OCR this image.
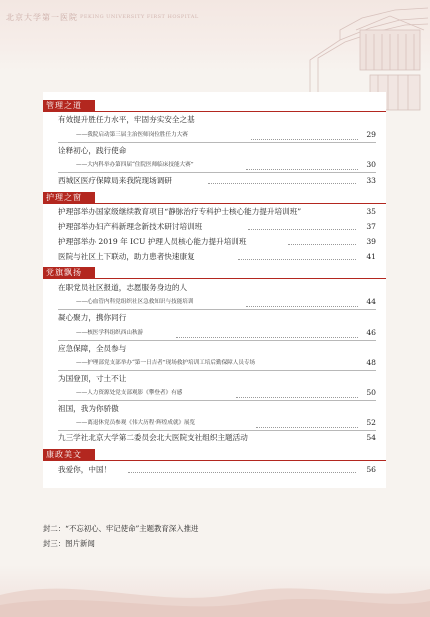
北京大学第一医院 PEKING UNIVERSITY FIRST HOSPITAL
管理之道
有效提升胜任力水平，牢固夯实安全之基
——我院启动第三届主治医师岗位胜任力大赛	29
诠释初心，践行使命
——大内科举办第四届“住院医师临床技能大赛”	30
西城区医疗保障局来我院现场调研	33
护理之窗
护理部举办国家级继续教育项目“静脉治疗专科护士核心能力提升培训班”	35
护理部举办妇产科新理念新技术研讨培训班	37
护理部举办 2019 年 ICU 护理人员核心能力提升培训班	39
医院与社区上下联动，助力患者快速康复	41
党旗飘扬
在职党员社区报道，志愿服务身边的人
——心血管内科党组织社区急救知识与技能培训	44
凝心聚力，携你同行
——核医学科组织西山秋游	46
应急保障，全员参与
——护理部党支部举办“第一日吉者”现场救护培训工培后勤保障人员专场	48
为国登顶，寸土不让
——人力资源处党支部观影《攀登者》有感	50
祖国，我为你骄傲
——离退休党员参观《伟大历程·辉煌成就》展览	52
九三学社北京大学第二委员会北大医院支社组织主题活动	54
康政美文
我爱你，中国！	56
封二：“不忘初心、牢记使命”主题教育深入推进
封三：图片新闻
